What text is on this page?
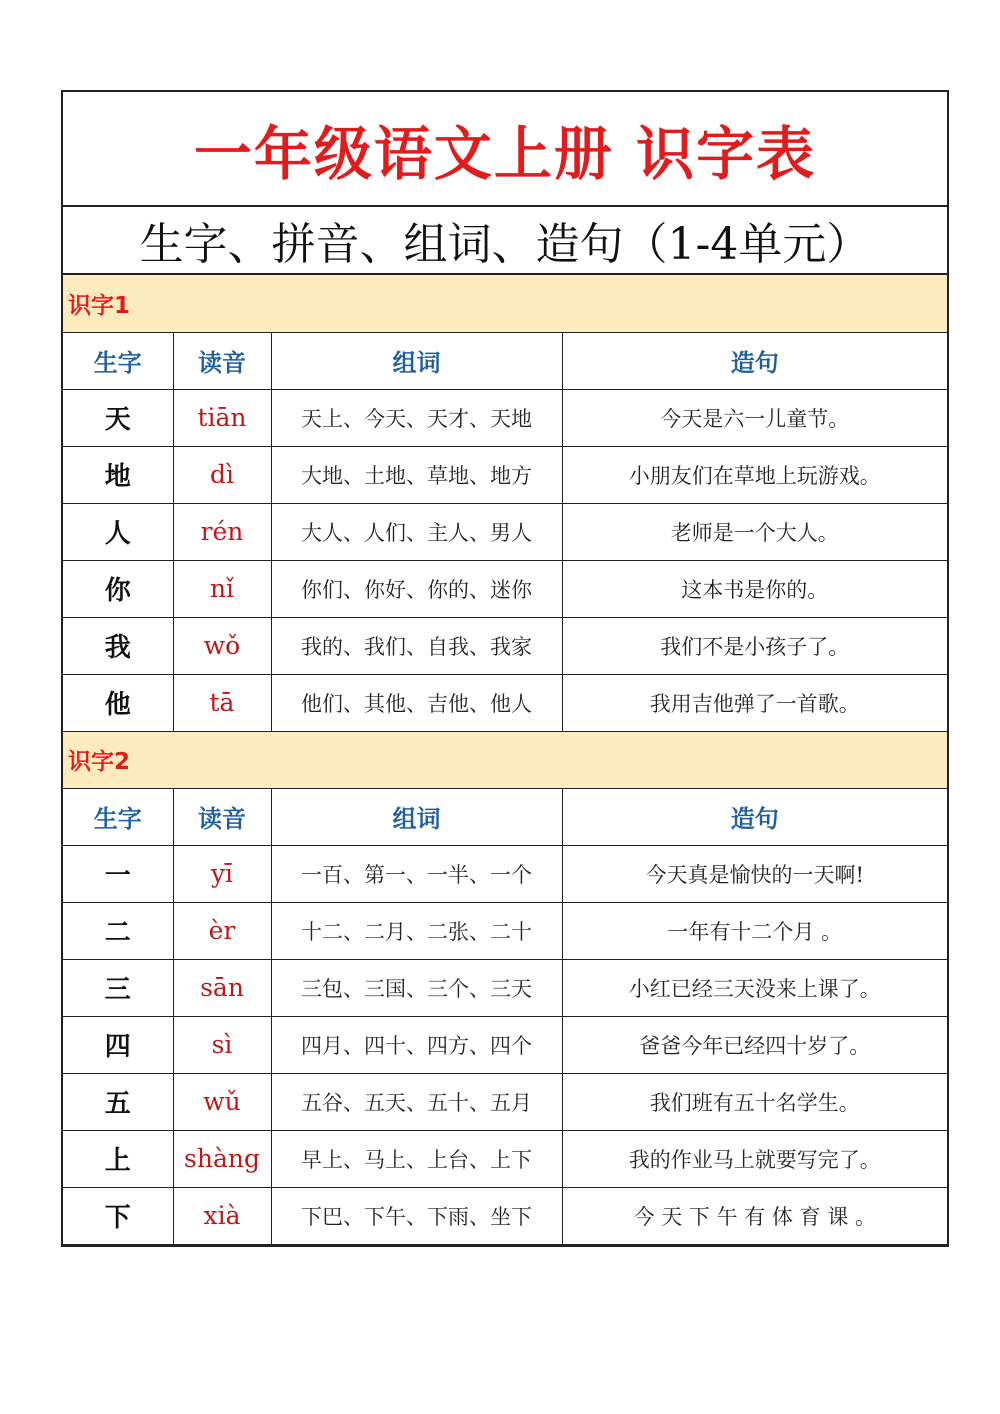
一年级语文上册 识字表
生字、拼音、组词、造句（1-4单元）
识字1			
生字	读音	组词	造句
天	tiān	天上、今天、天才、天地	今天是六一儿童节。
地	dì	大地、土地、草地、地方	小朋友们在草地上玩游戏。
人	rén	大人、人们、主人、男人	老师是一个大人。
你	nǐ	你们、你好、你的、迷你	这本书是你的。
我	wǒ	我的、我们、自我、我家	我们不是小孩子了。
他	tā	他们、其他、吉他、他人	我用吉他弹了一首歌。
识字2			
生字	读音	组词	造句
一	yī	一百、第一、一半、一个	今天真是愉快的一天啊!
二	èr	十二、二月、二张、二十	一年有十二个月 。
三	sān	三包、三国、三个、三天	小红已经三天没来上课了。
四	sì	四月、四十、四方、四个	爸爸今年已经四十岁了。
五	wǔ	五谷、五天、五十、五月	我们班有五十名学生。
上	shàng	早上、马上、上台、上下	我的作业马上就要写完了。
下	xià	下巴、下午、下雨、坐下	今 天 下 午 有 体 育 课 。
